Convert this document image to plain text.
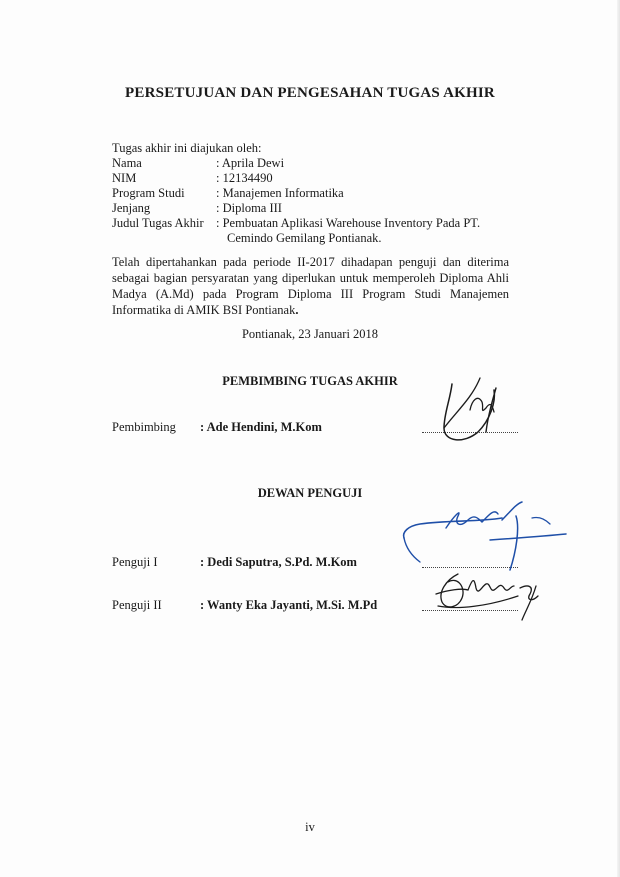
PERSETUJUAN DAN PENGESAHAN TUGAS AKHIR
Tugas akhir ini diajukan oleh:
Nama	: Aprila Dewi
NIM	: 12134490
Program Studi	: Manajemen Informatika
Jenjang	: Diploma III
Judul Tugas Akhir	: Pembuatan Aplikasi Warehouse Inventory Pada PT.
Cemindo Gemilang Pontianak.
Telah dipertahankan pada periode II-2017 dihadapan penguji dan diterima sebagai bagian persyaratan yang diperlukan untuk memperoleh Diploma Ahli Madya (A.Md) pada Program Diploma III Program Studi Manajemen Informatika di AMIK BSI Pontianak.
Pontianak, 23 Januari 2018
PEMBIMBING TUGAS AKHIR
Pembimbing : Ade Hendini, M.Kom
DEWAN PENGUJI
Penguji I	: Dedi Saputra, S.Pd. M.Kom
Penguji II	: Wanty Eka Jayanti, M.Si. M.Pd
iv
